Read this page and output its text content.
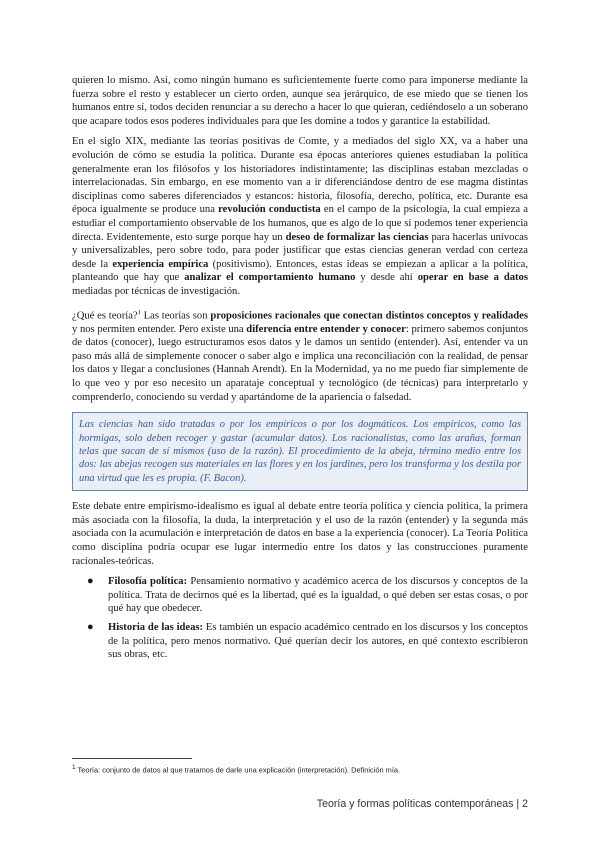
quieren lo mismo. Así, como ningún humano es suficientemente fuerte como para imponerse mediante la fuerza sobre el resto y establecer un cierto orden, aunque sea jerárquico, de ese miedo que se tienen los humanos entre sí, todos deciden renunciar a su derecho a hacer lo que quieran, cediéndoselo a un soberano que acapare todos esos poderes individuales para que les domine a todos y garantice la estabilidad.

En el siglo XIX, mediante las teorías positivas de Comte, y a mediados del siglo XX, va a haber una evolución de cómo se estudia la política. Durante esa épocas anteriores quienes estudiaban la política generalmente eran los filósofos y los historiadores indistintamente; las disciplinas estaban mezcladas o interrelacionadas. Sin embargo, en ese momento van a ir diferenciándose dentro de ese magma distintas disciplinas como saberes diferenciados y estancos: historia, filosofía, derecho, política, etc. Durante esa época igualmente se produce una revolución conductista en el campo de la psicología, la cual empieza a estudiar el comportamiento observable de los humanos, que es algo de lo que sí podemos tener experiencia directa. Evidentemente, esto surge porque hay un deseo de formalizar las ciencias para hacerlas unívocas y universalizables, pero sobre todo, para poder justificar que estas ciencias generan verdad con certeza desde la experiencia empírica (positivismo). Entonces, estas ideas se empiezan a aplicar a la política, planteando que hay que analizar el comportamiento humano y desde ahí operar en base a datos mediadas por técnicas de investigación.

¿Qué es teoría?$^1$ Las teorías son proposiciones racionales que conectan distintos conceptos y realidades y nos permiten entender. Pero existe una diferencia entre entender y conocer: primero sabemos conjuntos de datos (conocer), luego estructuramos esos datos y le damos un sentido (entender). Así, entender va un paso más allá de simplemente conocer o saber algo e implica una reconciliación con la realidad, de pensar los datos y llegar a conclusiones (Hannah Arendt). En la Modernidad, ya no me puedo fiar simplemente de lo que veo y por eso necesito un aparataje conceptual y tecnológico (de técnicas) para interpretarlo y comprenderlo, conociendo su verdad y apartándome de la apariencia o falsedad.

Las ciencias han sido tratadas o por los empíricos o por los dogmáticos. Los empíricos, como las hormigas, solo deben recoger y gastar (acumular datos). Los racionalistas, como las arañas, forman telas que sacan de sí mismos (uso de la razón). El procedimiento de la abeja, término medio entre los dos: las abejas recogen sus materiales en las flores y en los jardines, pero los transforma y los destila por una virtud que les es propia. (F. Bacon).

Este debate entre empirismo-idealismo es igual al debate entre teoría política y ciencia política, la primera más asociada con la filosofía, la duda, la interpretación y el uso de la razón (entender) y la segunda más asociada con la acumulación e interpretación de datos en base a la experiencia (conocer). La Teoría Política como disciplina podría ocupar ese lugar intermedio entre los datos y las construcciones puramente racionales-teóricas.

● Filosofía política: Pensamiento normativo y académico acerca de los discursos y conceptos de la política. Trata de decirnos qué es la libertad, qué es la igualdad, o qué deben ser estas cosas, o por qué hay que obedecer.
● Historia de las ideas: Es también un espacio académico centrado en los discursos y los conceptos de la política, pero menos normativo. Qué querían decir los autores, en qué contexto escribieron sus obras, etc.
$^1$ Teoría: conjunto de datos al que tratamos de darle una explicación (interpretación). Definición mía.
Teoría y formas políticas contemporáneas | 2
